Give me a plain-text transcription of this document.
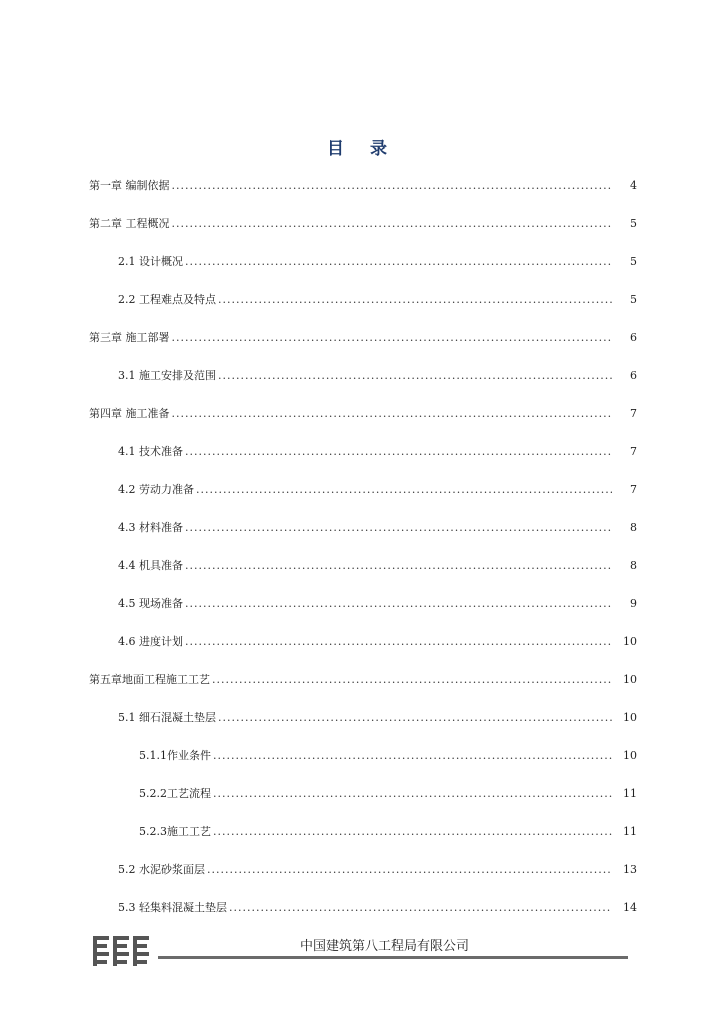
目 录
第一章 编制依据 .....	4
第二章 工程概况 .....	5
2.1 设计概况 .....	5
2.2 工程难点及特点 .....	5
第三章 施工部署 .....	6
3.1 施工安排及范围 .....	6
第四章 施工准备 .....	7
4.1 技术准备 .....	7
4.2 劳动力准备 .....	7
4.3 材料准备 .....	8
4.4 机具准备 .....	8
4.5 现场准备 .....	9
4.6 进度计划 .....	10
第五章地面工程施工工艺 .....	10
5.1 细石混凝土垫层 .....	10
5.1.1作业条件 .....	10
5.2.2工艺流程 .....	11
5.2.3施工工艺 .....	11
5.2 水泥砂浆面层 .....	13
5.3 轻集料混凝土垫层 .....	14
中国建筑第八工程局有限公司
